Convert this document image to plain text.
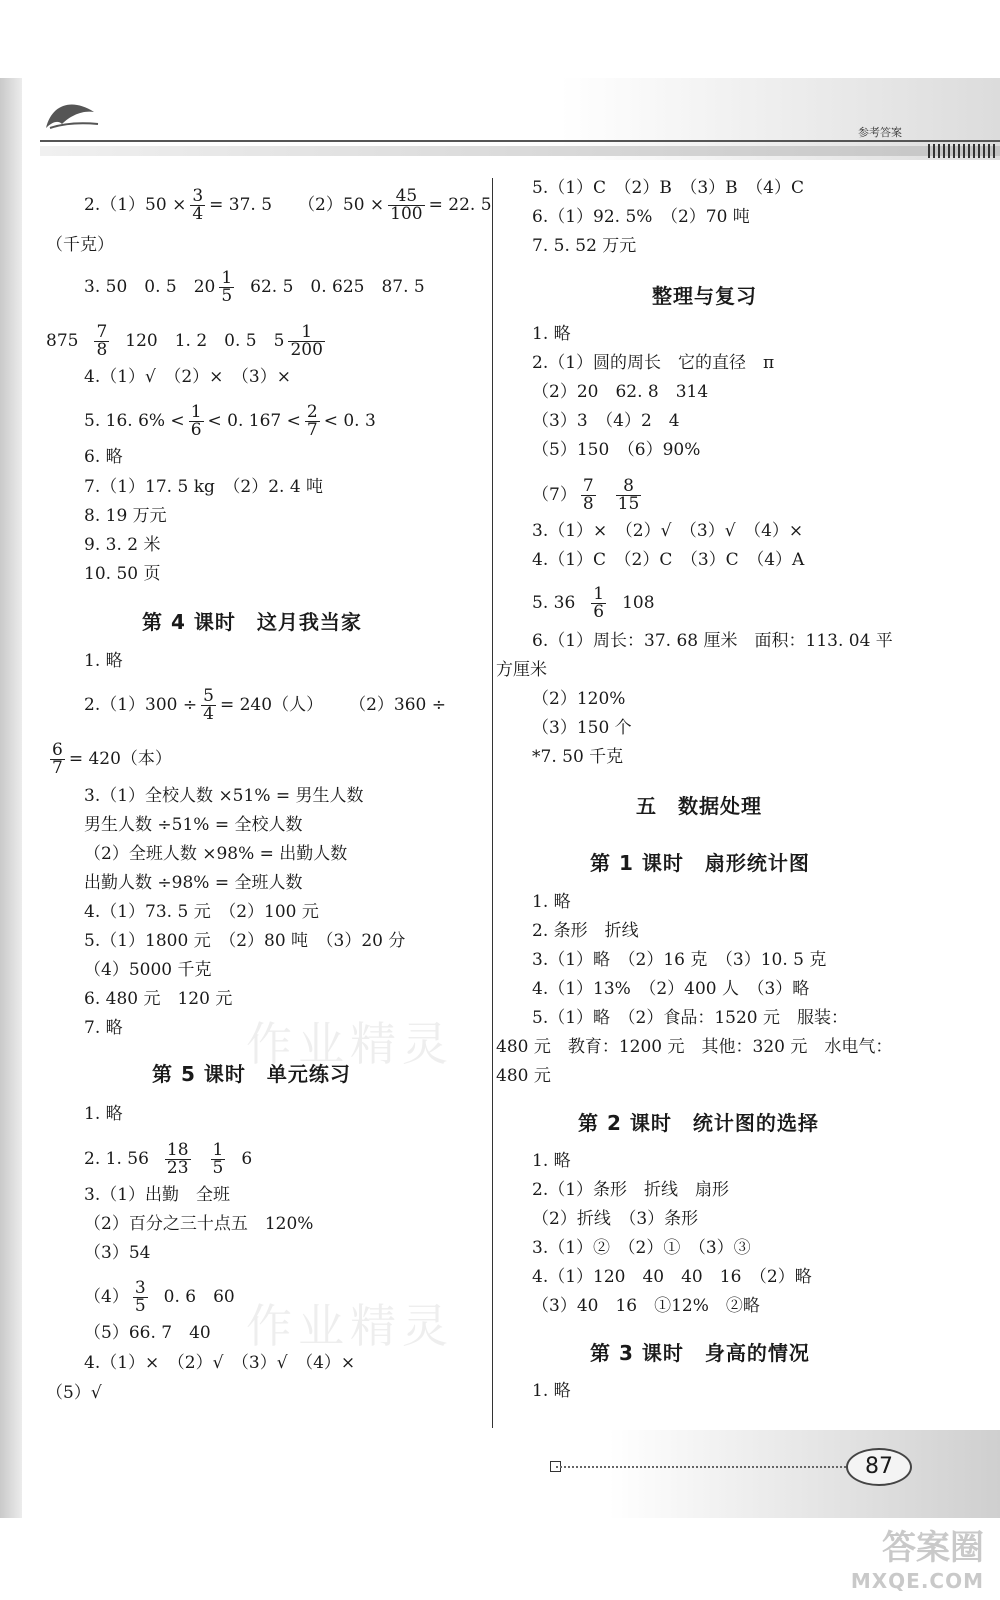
参考答案
$2.(1)50 \times \frac{3}{4} = 37$. 5 $(2)50 \times \frac{45}{100} = 22$. 5
（千克）
3. 50　0. 5　$20 \frac{1}{5} 62$. 5　0. 625　87. 5
$875 \frac{7}{8} 120$　1. 2　0. 5　$5 \frac{1}{200}$
4.（1）√　（2）×　（3）×
5. 16. $6\% < \frac{1}{6} < 0$. $167 < \frac{2}{7} < 0$. 3
6. 略
7.（1）17. 5 kg　（2）2. 4 吨
8. 19 万元
9. 3. 2 米
10. 50 页
第 4 课时　这月我当家
1. 略
$2.(1)300 \div \frac{5}{4} = 240$（人） （2）360 ÷
$\frac{6}{7} = 420$（本）
3.（1）全校人数 ×51% = 男生人数
男生人数 ÷51% = 全校人数
（2）全班人数 ×98% = 出勤人数
出勤人数 ÷98% = 全班人数
4.（1）73. 5 元　（2）100 元
5.（1）1800 元　（2）80 吨　（3）20 分
（4）5000 千克
6. 480 元　120 元
7. 略	作业精灵
第 5 课时　单元练习
1. 略
2. 1. $56 \frac{18}{23} \frac{1}{5} 6$
3.（1）出勤　全班
（2）百分之三十点五　120%
（3）54
$(4) \frac{3}{5} 0$. 6　60
作业精灵
（5）66. 7　40
4.（1）×　（2）√　（3）√　（4）×
（5）√
5.（1）C　（2）B　（3）B　（4）C
6.（1）92. 5%　（2）70 吨
7. 5. 52 万元
整理与复习
1. 略
2.（1）圆的周长　它的直径　π
（2）20　62. 8　314
（3）3　（4）2　4
（5）150　（6）90%
$(7) \frac{7}{8} \frac{8}{15}$
3.（1）×　（2）√　（3）√　（4）×
4.（1）C　（2）C　（3）C　（4）A
5. $36 \frac{1}{6} 108$
6.（1）周长：37. 68 厘米　面积：113. 04 平
方厘米
（2）120%
（3）150 个
*7. 50 千克
五　数据处理
第 1 课时　扇形统计图
1. 略
2. 条形　折线
3.（1）略　（2）16 克　（3）10. 5 克
4.（1）13%　（2）400 人　（3）略
5.（1）略　（2）食品：1520 元　服装：
480 元　教育：1200 元　其他：320 元　水电气：
480 元
第 2 课时　统计图的选择
1. 略
2.（1）条形　折线　扇形
（2）折线　（3）条形
3.（1）②　（2）①　（3）③
4.（1）120　40　40　16　（2）略
（3）40　16　①12%　②略
第 3 课时　身高的情况
1. 略
87
答案圈
MXQE.COM
